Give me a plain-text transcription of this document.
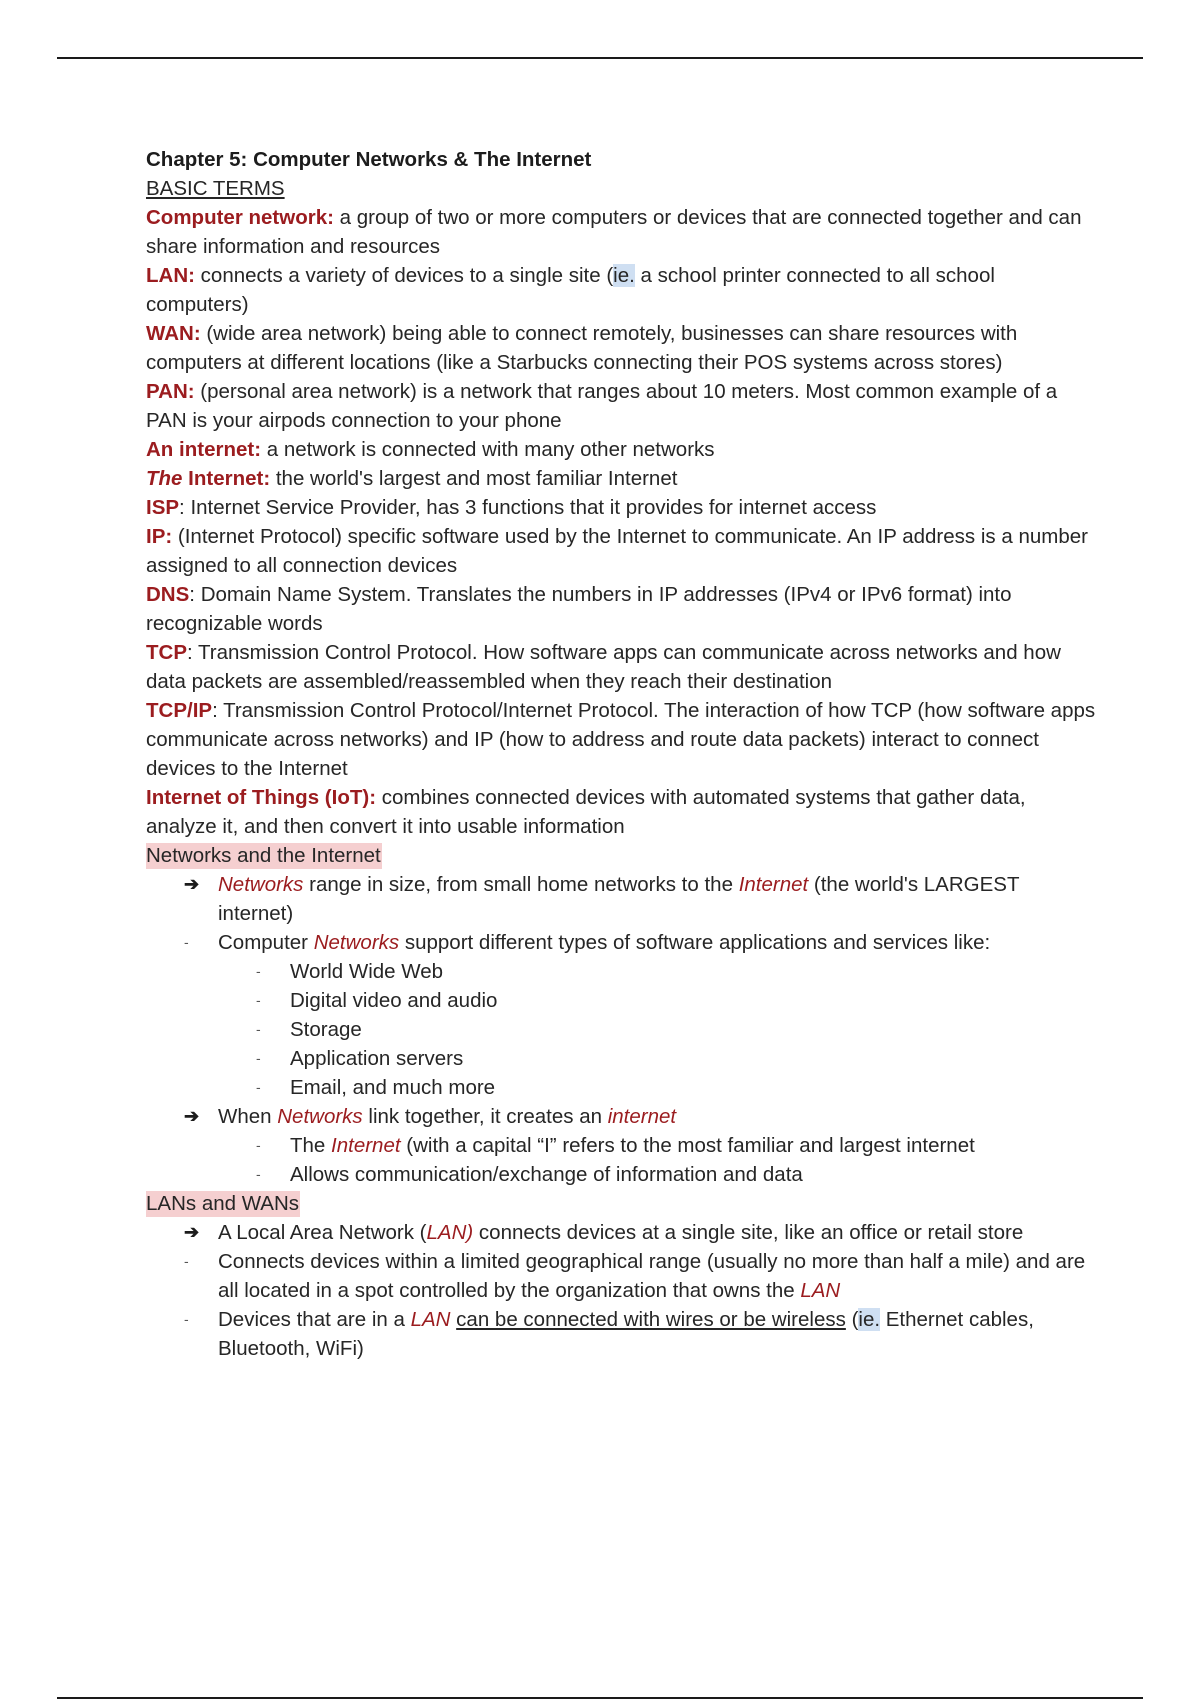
Chapter 5: Computer Networks & The Internet

BASIC TERMS

Computer network: a group of two or more computers or devices that are connected together and can share information and resources

LAN: connects a variety of devices to a single site (ie. a school printer connected to all school computers)

WAN: (wide area network) being able to connect remotely, businesses can share resources with computers at different locations (like a Starbucks connecting their POS systems across stores)

PAN: (personal area network) is a network that ranges about 10 meters. Most common example of a PAN is your airpods connection to your phone

An internet: a network is connected with many other networks

The Internet: the world's largest and most familiar Internet

ISP: Internet Service Provider, has 3 functions that it provides for internet access

IP: (Internet Protocol) specific software used by the Internet to communicate. An IP address is a number assigned to all connection devices

DNS: Domain Name System. Translates the numbers in IP addresses (IPv4 or IPv6 format) into recognizable words

TCP: Transmission Control Protocol. How software apps can communicate across networks and how data packets are assembled/reassembled when they reach their destination

TCP/IP: Transmission Control Protocol/Internet Protocol. The interaction of how TCP (how software apps communicate across networks) and IP (how to address and route data packets) interact to connect devices to the Internet

Internet of Things (IoT): combines connected devices with automated systems that gather data, analyze it, and then convert it into usable information

Networks and the Internet

➔ Networks range in size, from small home networks to the Internet (the world's LARGEST internet)
- Computer Networks support different types of software applications and services like:
- World Wide Web
- Digital video and audio
- Storage
- Application servers
- Email, and much more
➔ When Networks link together, it creates an internet
- The Internet (with a capital “I” refers to the most familiar and largest internet
- Allows communication/exchange of information and data

LANs and WANs

➔ A Local Area Network (LAN) connects devices at a single site, like an office or retail store
- Connects devices within a limited geographical range (usually no more than half a mile) and are all located in a spot controlled by the organization that owns the LAN
- Devices that are in a LAN can be connected with wires or be wireless (ie. Ethernet cables, Bluetooth, WiFi)
